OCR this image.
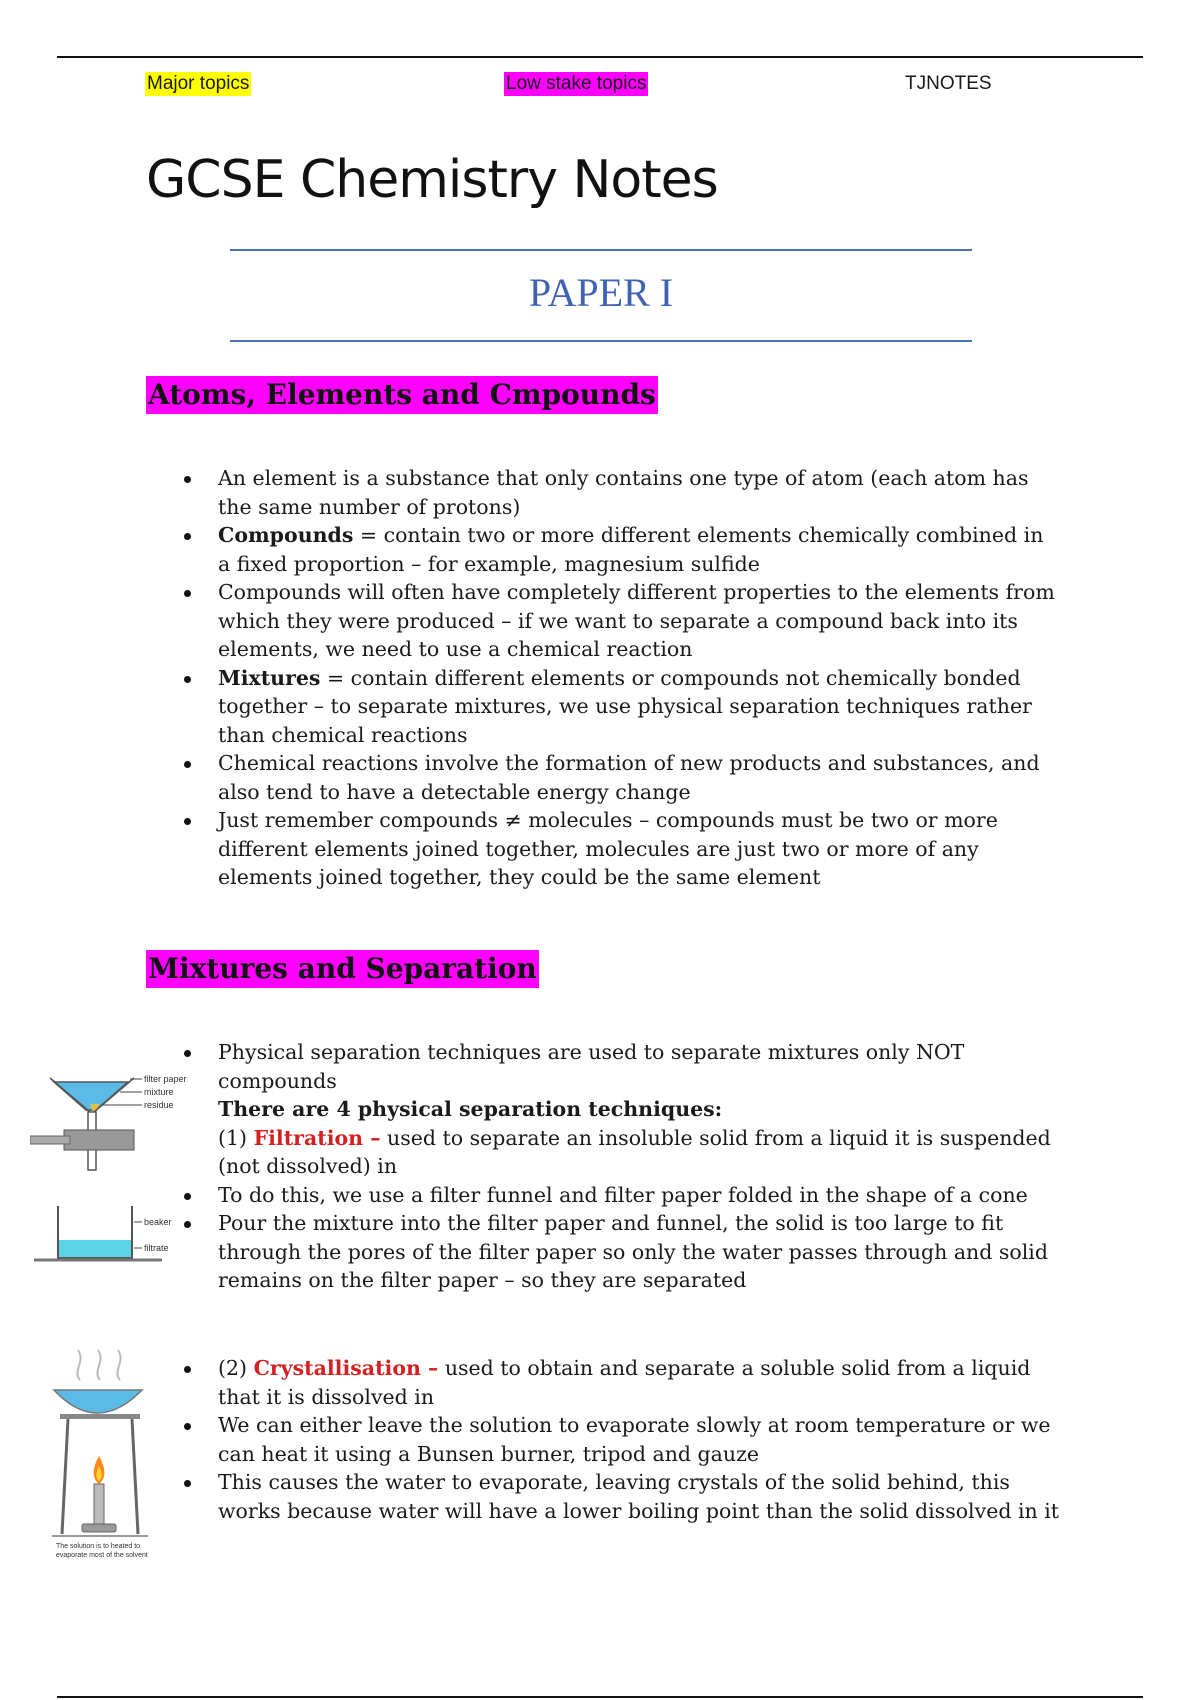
Major topics	Low stake topics	TJNOTES
GCSE Chemistry Notes
PAPER I
Atoms, Elements and Cmpounds
An element is a substance that only contains one type of atom (each atom has the same number of protons)
Compounds = contain two or more different elements chemically combined in a fixed proportion – for example, magnesium sulfide
Compounds will often have completely different properties to the elements from which they were produced – if we want to separate a compound back into its elements, we need to use a chemical reaction
Mixtures = contain different elements or compounds not chemically bonded together – to separate mixtures, we use physical separation techniques rather than chemical reactions
Chemical reactions involve the formation of new products and substances, and also tend to have a detectable energy change
Just remember compounds ≠ molecules – compounds must be two or more different elements joined together, molecules are just two or more of any elements joined together, they could be the same element
Mixtures and Separation
Physical separation techniques are used to separate mixtures only NOT compounds
There are 4 physical separation techniques:
(1) Filtration – used to separate an insoluble solid from a liquid it is suspended (not dissolved) in
To do this, we use a filter funnel and filter paper folded in the shape of a cone
Pour the mixture into the filter paper and funnel, the solid is too large to fit through the pores of the filter paper so only the water passes through and solid remains on the filter paper – so they are separated
(2) Crystallisation – used to obtain and separate a soluble solid from a liquid that it is dissolved in
We can either leave the solution to evaporate slowly at room temperature or we can heat it using a Bunsen burner, tripod and gauze
This causes the water to evaporate, leaving crystals of the solid behind, this works because water will have a lower boiling point than the solid dissolved in it
filter paper
mixture
residue
beaker
filtrate
The solution is to heated to
evaporate most of the solvent
